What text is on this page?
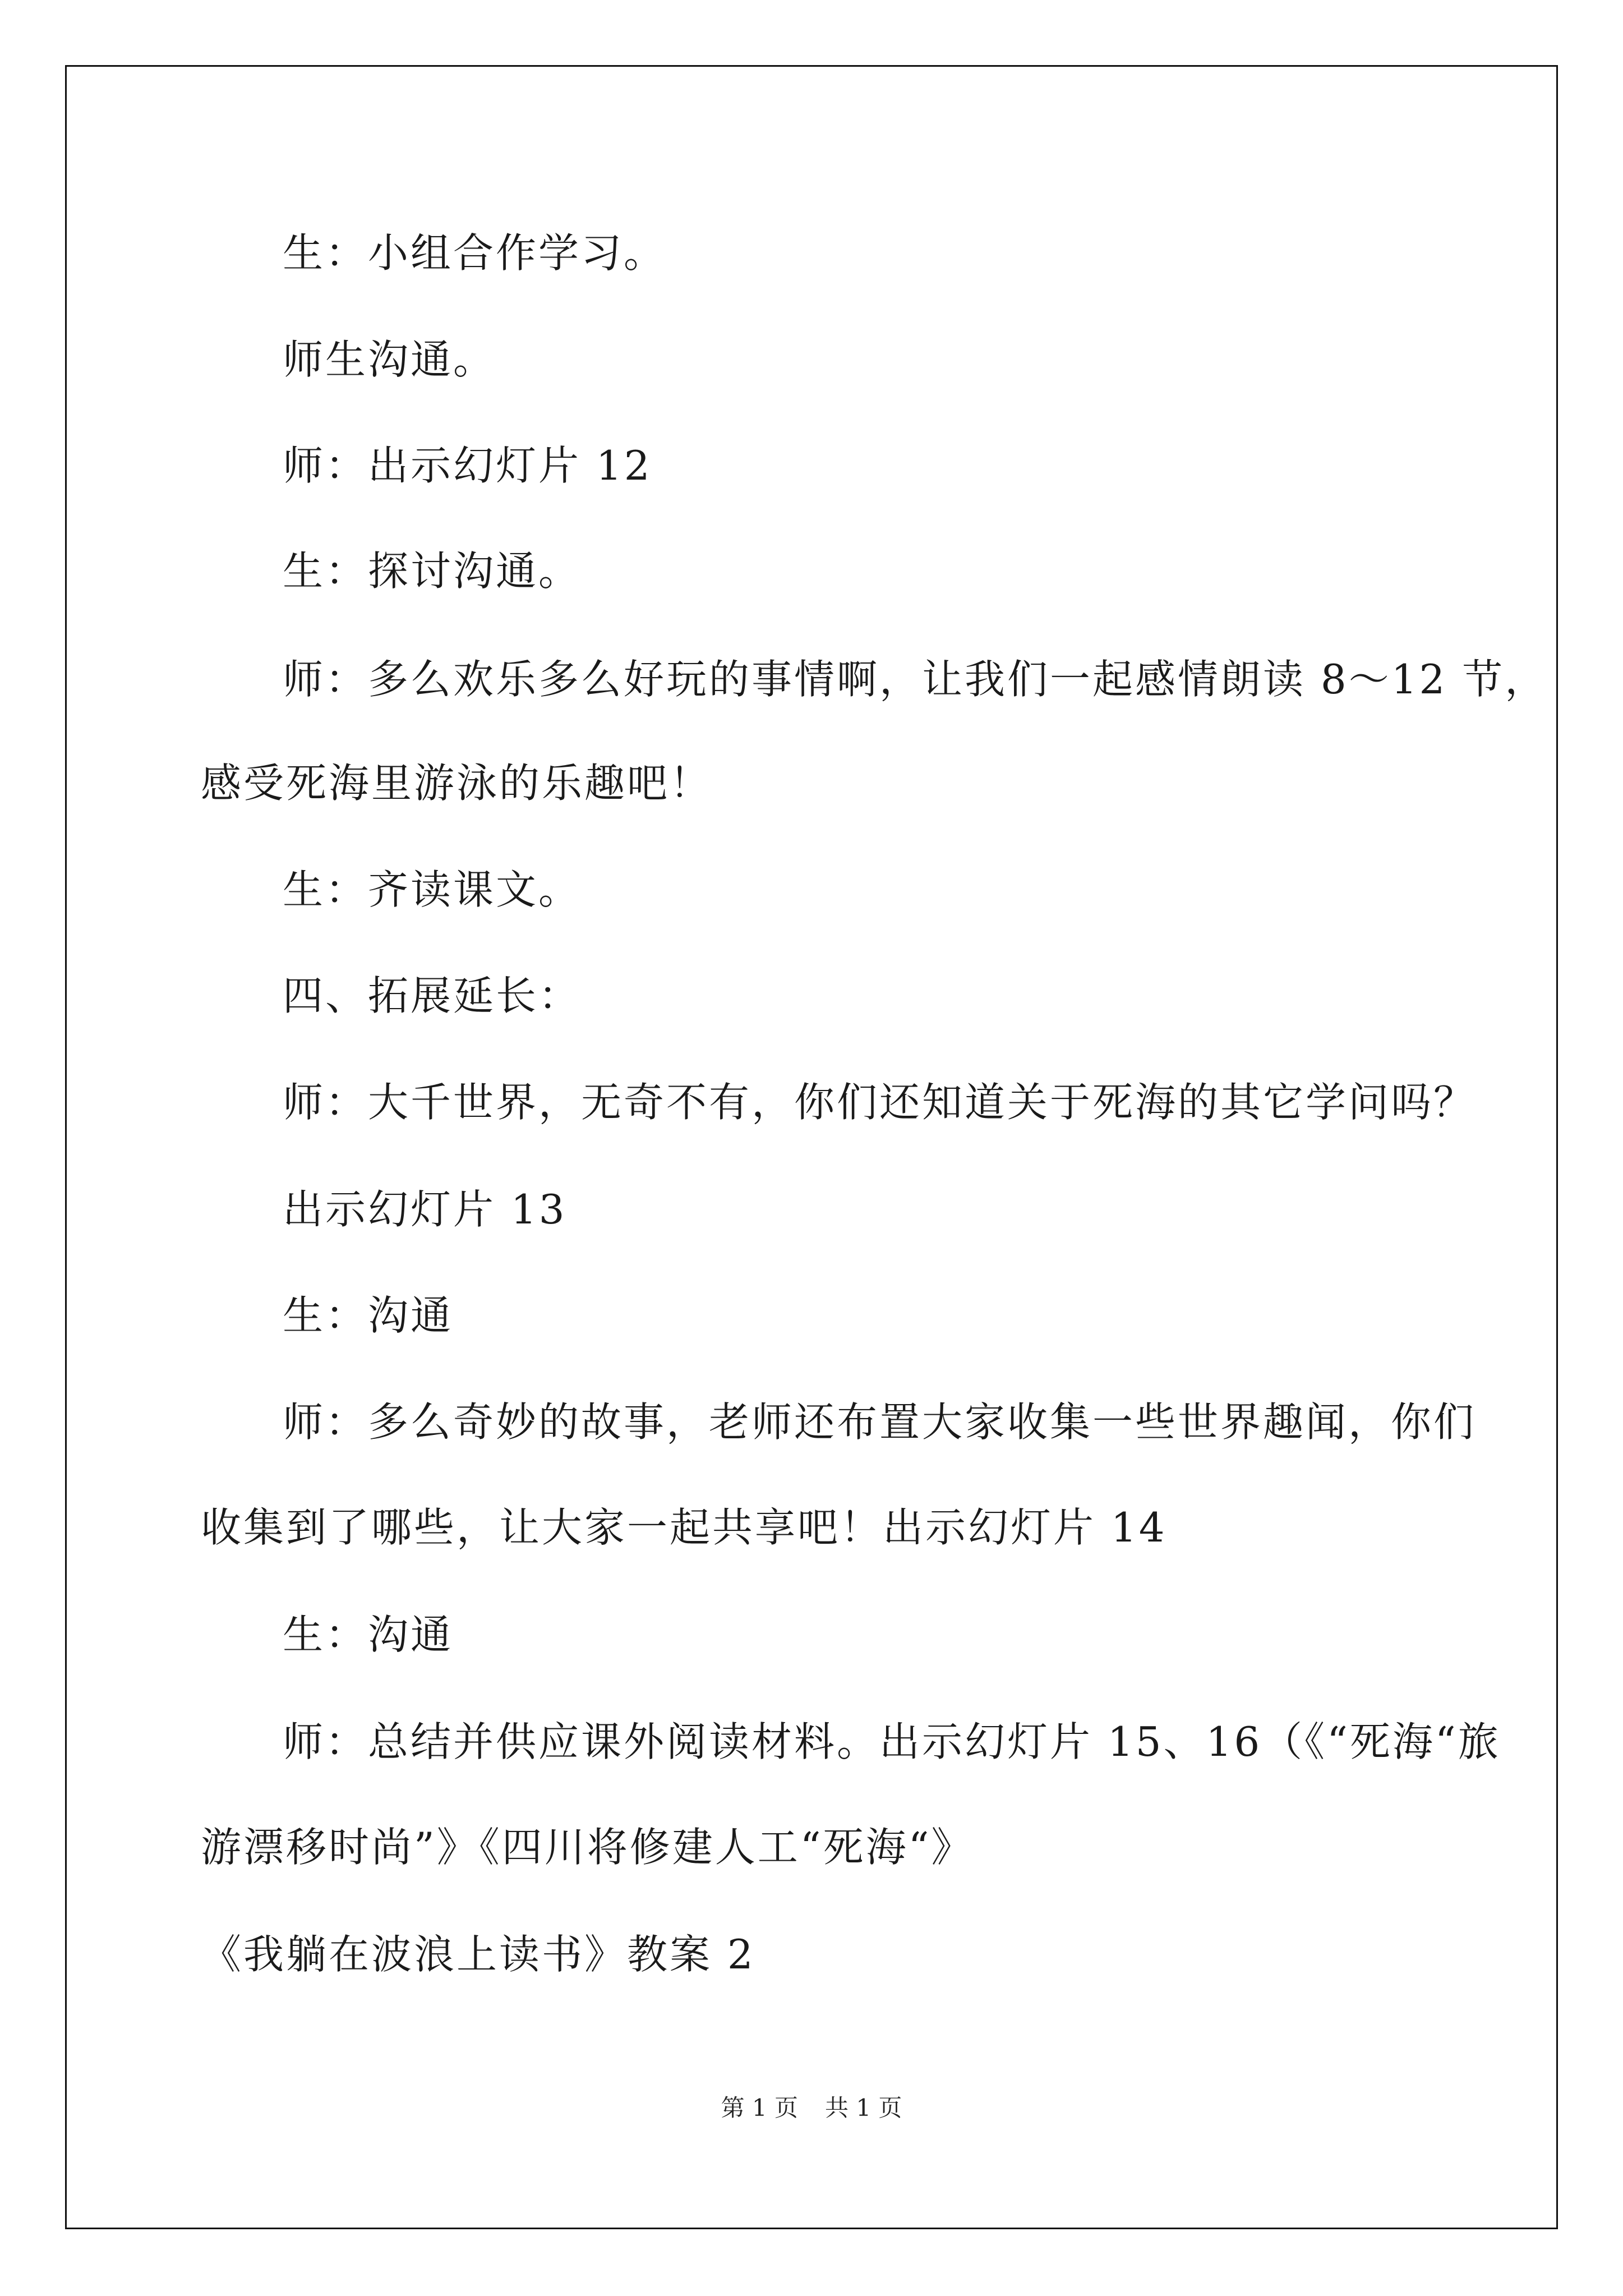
生：小组合作学习。
师生沟通。
师：出示幻灯片 12
生：探讨沟通。
师：多么欢乐多么好玩的事情啊，让我们一起感情朗读 8～12 节，
感受死海里游泳的乐趣吧！
生：齐读课文。
四、拓展延长：
师：大千世界，无奇不有，你们还知道关于死海的其它学问吗？
出示幻灯片 13
生：沟通
师：多么奇妙的故事，老师还布置大家收集一些世界趣闻，你们
收集到了哪些，让大家一起共享吧！出示幻灯片 14
生：沟通
师：总结并供应课外阅读材料。出示幻灯片 15、16（《“死海“旅
游漂移时尚”》《四川将修建人工“死海“》
《我躺在波浪上读书》教案 2
第 1 页 共 1 页
